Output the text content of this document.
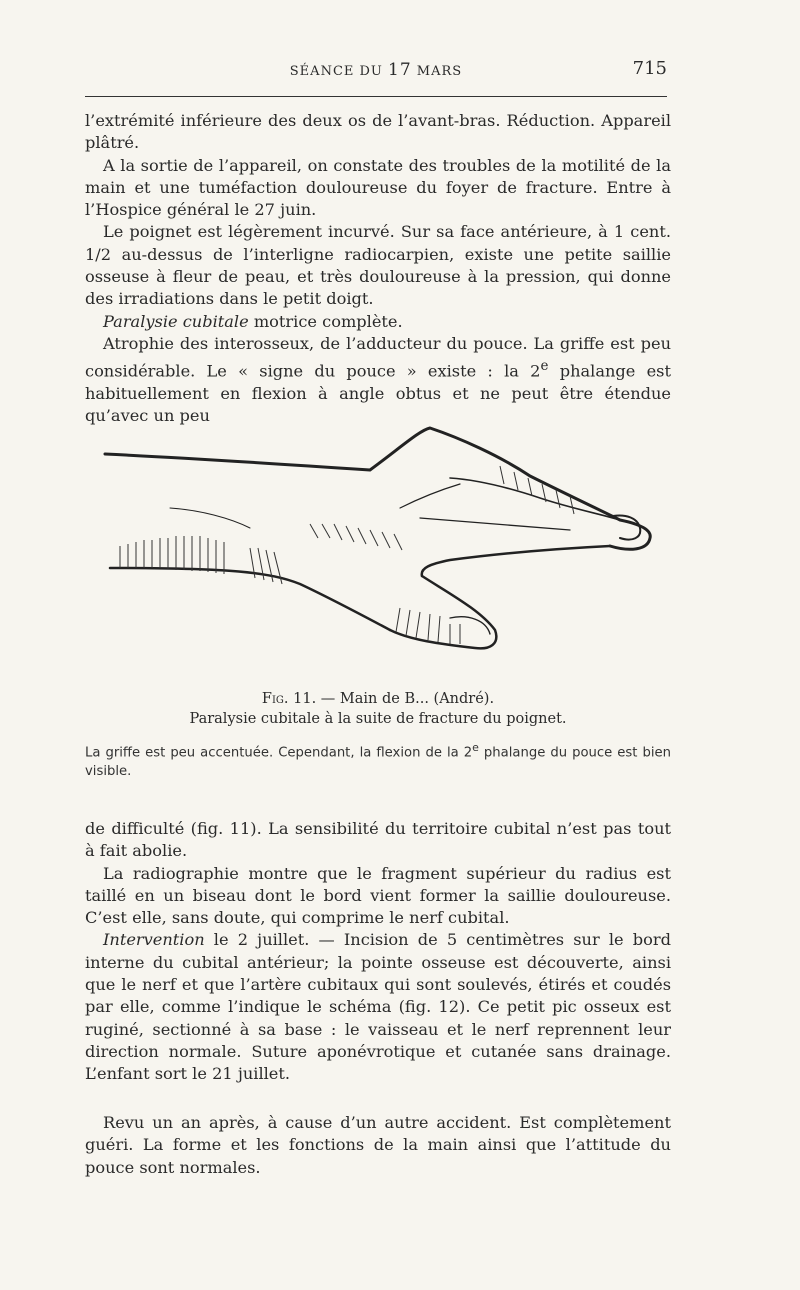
SÉANCE DU 17 MARS	715

l’extrémité inférieure des deux os de l’avant-bras. Réduction. Appareil plâtré.

A la sortie de l’appareil, on constate des troubles de la motilité de la main et une tuméfaction douloureuse du foyer de fracture. Entre à l’Hospice général le 27 juin.

Le poignet est légèrement incurvé. Sur sa face antérieure, à 1 cent. 1/2 au-dessus de l’interligne radiocarpien, existe une petite saillie osseuse à fleur de peau, et très douloureuse à la pression, qui donne des irradiations dans le petit doigt.

Paralysie cubitale motrice complète.

Atrophie des interosseux, de l’adducteur du pouce. La griffe est peu considérable. Le « signe du pouce » existe : la 2e phalange est habituellement en flexion à angle obtus et ne peut être étendue qu’avec un peu

Fig. 11. — Main de B... (André).
Paralysie cubitale à la suite de fracture du poignet.
La griffe est peu accentuée. Cependant, la flexion de la 2e phalange du pouce est bien visible.

de difficulté (fig. 11). La sensibilité du territoire cubital n’est pas tout à fait abolie.

La radiographie montre que le fragment supérieur du radius est taillé en un biseau dont le bord vient former la saillie douloureuse. C’est elle, sans doute, qui comprime le nerf cubital.

Intervention le 2 juillet. — Incision de 5 centimètres sur le bord interne du cubital antérieur; la pointe osseuse est découverte, ainsi que le nerf et que l’artère cubitaux qui sont soulevés, étirés et coudés par elle, comme l’indique le schéma (fig. 12). Ce petit pic osseux est ruginé, sectionné à sa base : le vaisseau et le nerf reprennent leur direction normale. Suture aponévrotique et cutanée sans drainage. L’enfant sort le 21 juillet.

Revu un an après, à cause d’un autre accident. Est complètement guéri. La forme et les fonctions de la main ainsi que l’attitude du pouce sont normales.
